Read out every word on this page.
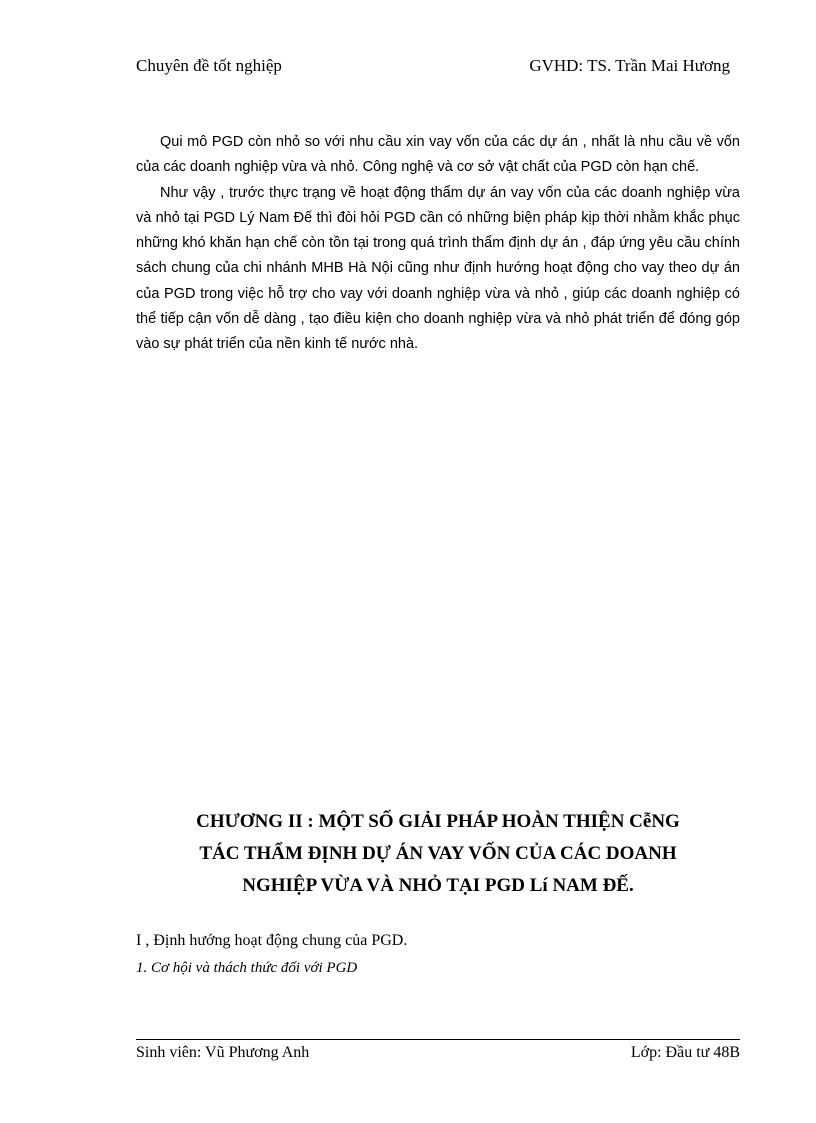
Chuyên đề tốt nghiệp	GVHD: TS. Trần Mai Hương

Qui mô PGD còn nhỏ so với nhu cầu xin vay vốn của các dự án , nhất là nhu cầu về vốn của các doanh nghiệp vừa và nhỏ. Công nghệ và cơ sở vật chất của PGD còn hạn chế.

Như vậy , trước thực trạng về hoạt động thẩm dự án vay vốn của các doanh nghiệp vừa và nhỏ tại PGD Lý Nam Đế thì đòi hỏi PGD cần có những biện pháp kịp thời nhằm khắc phục những khó khăn hạn chế còn tồn tại trong quá trình thẩm định dự án , đáp ứng yêu cầu chính sách chung của chi nhánh MHB Hà Nội cũng như định hướng hoạt động cho vay theo dự án của PGD trong việc hỗ trợ cho vay với doanh nghiệp vừa và nhỏ , giúp các doanh nghiệp có thể tiếp cận vốn dễ dàng , tạo điều kiện cho doanh nghiệp vừa và nhỏ phát triển để đóng góp vào sự phát triển của nền kinh tế nước nhà.

CHƯƠNG II : MỘT SỐ GIẢI PHÁP HOÀN THIỆN CễNG
TÁC THẨM ĐỊNH DỰ ÁN VAY VỐN CỦA CÁC DOANH
NGHIỆP VỪA VÀ NHỎ TẠI PGD Lí NAM ĐẾ.
I , Định hướng hoạt động chung của PGD.
1. Cơ hội và thách thức đối với PGD
Sinh viên: Vũ Phương Anh	Lớp: Đầu tư 48B
